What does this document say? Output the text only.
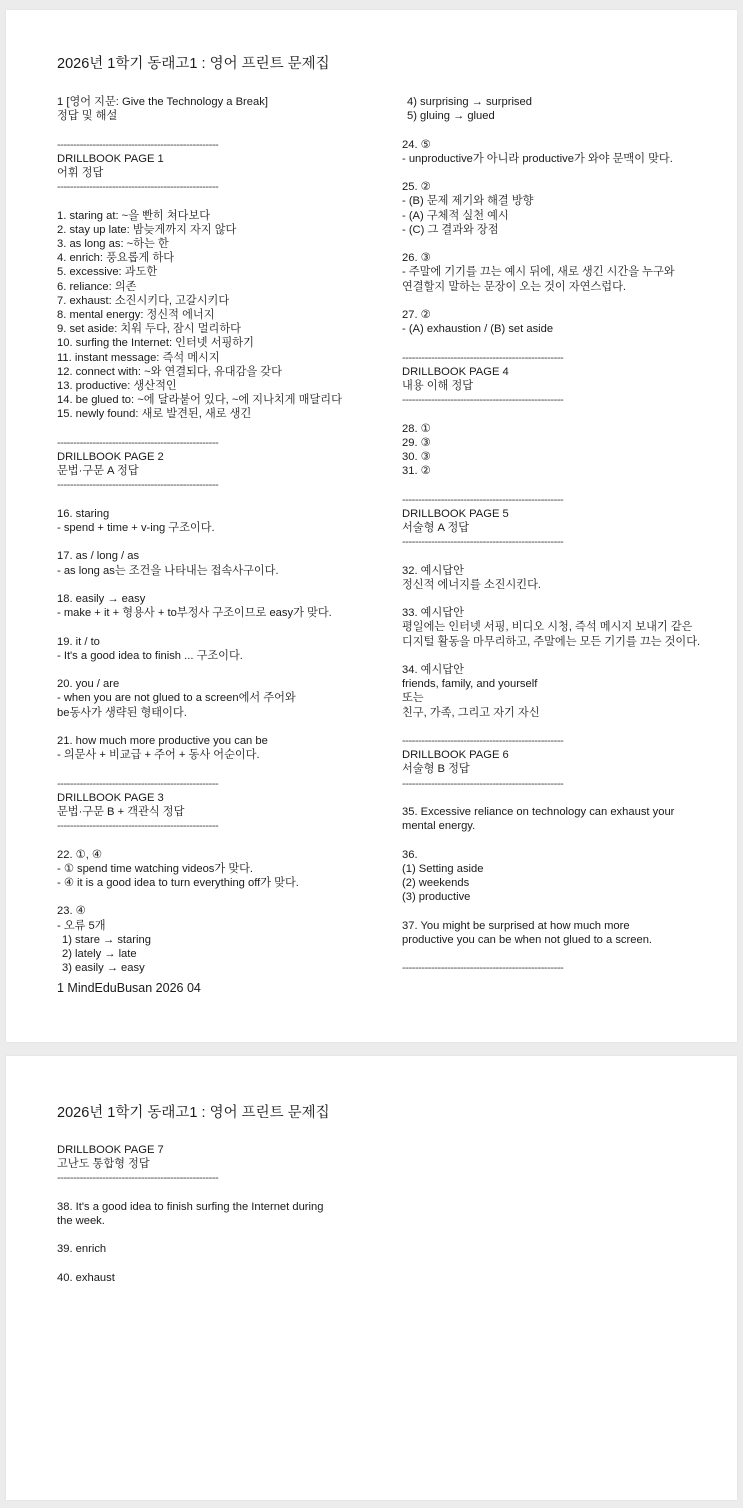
2026년 1학기 동래고1 : 영어 프린트 문제집
1 [영어 지문: Give the Technology a Break]
정답 및 해설
--------------------------------------------------
DRILLBOOK PAGE 1
어휘 정답
--------------------------------------------------
1. staring at: ~을 빤히 쳐다보다
2. stay up late: 밤늦게까지 자지 않다
3. as long as: ~하는 한
4. enrich: 풍요롭게 하다
5. excessive: 과도한
6. reliance: 의존
7. exhaust: 소진시키다, 고갈시키다
8. mental energy: 정신적 에너지
9. set aside: 치워 두다, 잠시 멀리하다
10. surfing the Internet: 인터넷 서핑하기
11. instant message: 즉석 메시지
12. connect with: ~와 연결되다, 유대감을 갖다
13. productive: 생산적인
14. be glued to: ~에 달라붙어 있다, ~에 지나치게 매달리다
15. newly found: 새로 발견된, 새로 생긴
--------------------------------------------------
DRILLBOOK PAGE 2
문법·구문 A 정답
--------------------------------------------------
16. staring
- spend + time + v-ing 구조이다.
17. as / long / as
- as long as는 조건을 나타내는 접속사구이다.
18. easily → easy
- make + it + 형용사 + to부정사 구조이므로 easy가 맞다.
19. it / to
- It's a good idea to finish ... 구조이다.
20. you / are
- when you are not glued to a screen에서 주어와
be동사가 생략된 형태이다.
21. how much more productive you can be
- 의문사 + 비교급 + 주어 + 동사 어순이다.
--------------------------------------------------
DRILLBOOK PAGE 3
문법·구문 B + 객관식 정답
--------------------------------------------------
22. ①, ④
- ① spend time watching videos가 맞다.
- ④ it is a good idea to turn everything off가 맞다.
23. ④
- 오류 5개
1) stare → staring
2) lately → late
3) easily → easy
4) surprising → surprised
5) gluing → glued
24. ⑤
- unproductive가 아니라 productive가 와야 문맥이 맞다.
25. ②
- (B) 문제 제기와 해결 방향
- (A) 구체적 실천 예시
- (C) 그 결과와 장점
26. ③
- 주말에 기기를 끄는 예시 뒤에, 새로 생긴 시간을 누구와
연결할지 말하는 문장이 오는 것이 자연스럽다.
27. ②
- (A) exhaustion / (B) set aside
--------------------------------------------------
DRILLBOOK PAGE 4
내용 이해 정답
--------------------------------------------------
28. ①
29. ③
30. ③
31. ②
--------------------------------------------------
DRILLBOOK PAGE 5
서술형 A 정답
--------------------------------------------------
32. 예시답안
정신적 에너지를 소진시킨다.
33. 예시답안
평일에는 인터넷 서핑, 비디오 시청, 즉석 메시지 보내기 같은
디지털 활동을 마무리하고, 주말에는 모든 기기를 끄는 것이다.
34. 예시답안
friends, family, and yourself
또는
친구, 가족, 그리고 자기 자신
--------------------------------------------------
DRILLBOOK PAGE 6
서술형 B 정답
--------------------------------------------------
35. Excessive reliance on technology can exhaust your
mental energy.
36.
(1) Setting aside
(2) weekends
(3) productive
37. You might be surprised at how much more
productive you can be when not glued to a screen.
--------------------------------------------------
1 MindEduBusan 2026 04
2026년 1학기 동래고1 : 영어 프린트 문제집
DRILLBOOK PAGE 7
고난도 통합형 정답
--------------------------------------------------
38. It's a good idea to finish surfing the Internet during
the week.
39. enrich
40. exhaust
